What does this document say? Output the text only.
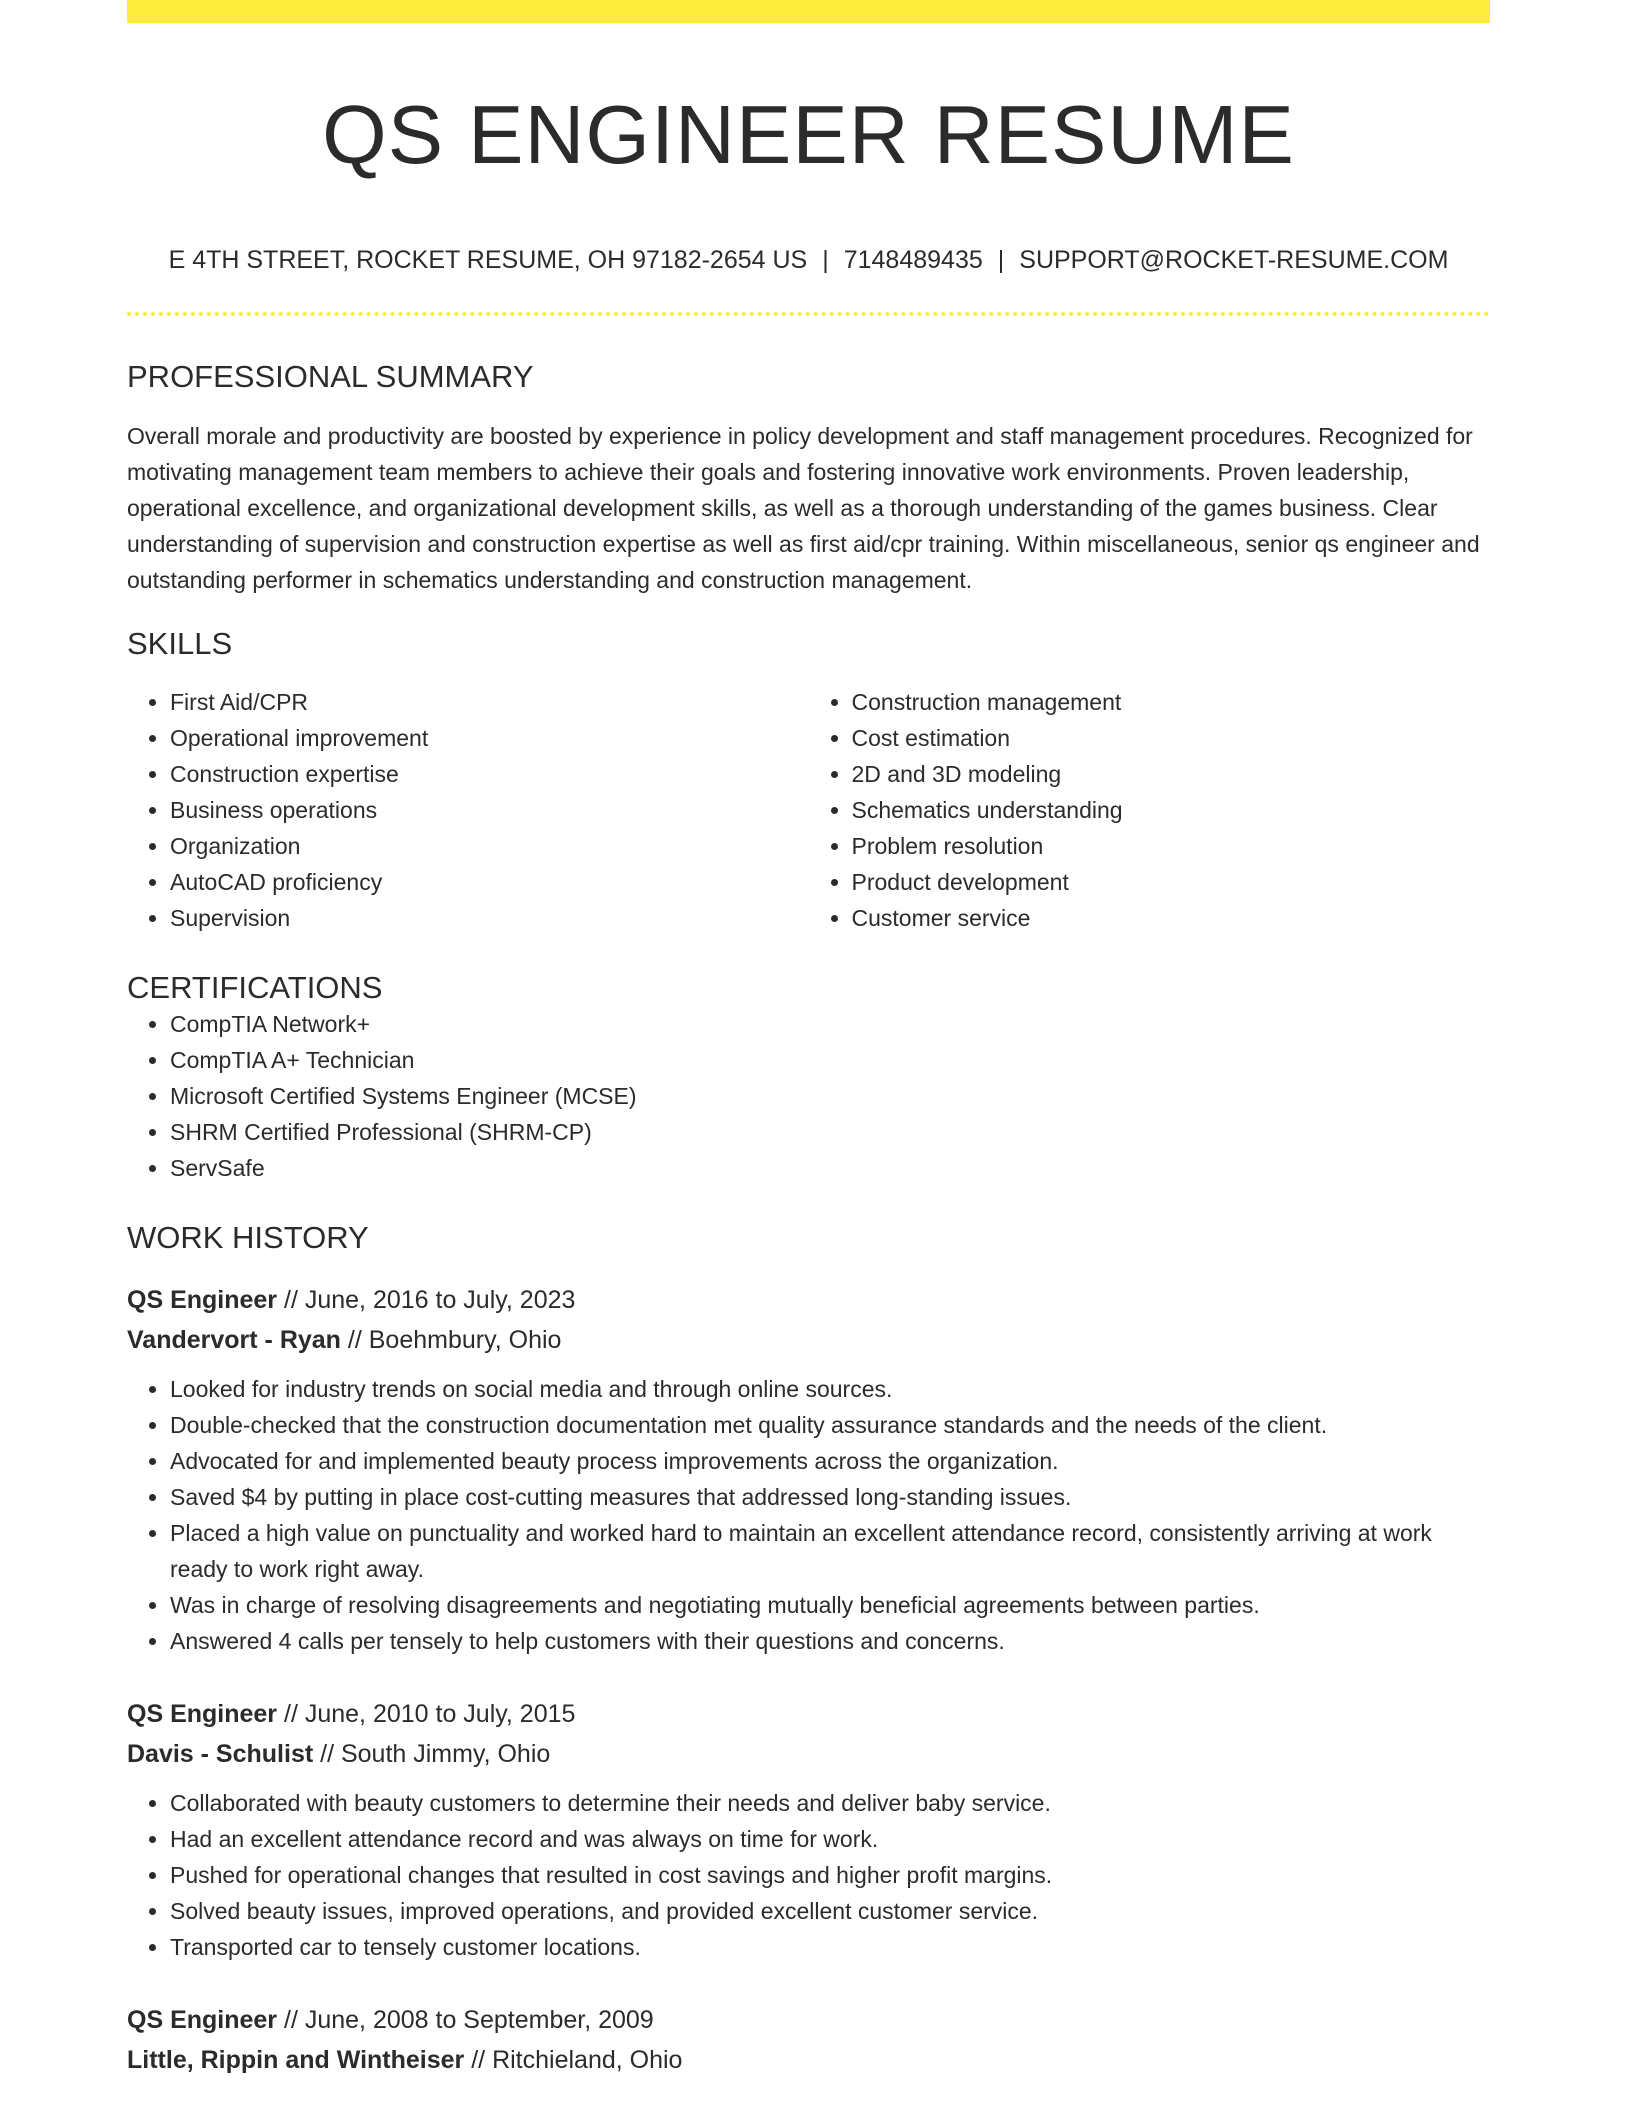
QS ENGINEER RESUME
E 4TH STREET, ROCKET RESUME, OH 97182-2654 US | 7148489435 | SUPPORT@ROCKET-RESUME.COM
PROFESSIONAL SUMMARY

Overall morale and productivity are boosted by experience in policy development and staff management procedures. Recognized for motivating management team members to achieve their goals and fostering innovative work environments. Proven leadership, operational excellence, and organizational development skills, as well as a thorough understanding of the games business. Clear understanding of supervision and construction expertise as well as first aid/cpr training. Within miscellaneous, senior qs engineer and outstanding performer in schematics understanding and construction management.

SKILLS
• First Aid/CPR
• Operational improvement
• Construction expertise
• Business operations
• Organization
• AutoCAD proficiency
• Supervision
• Construction management
• Cost estimation
• 2D and 3D modeling
• Schematics understanding
• Problem resolution
• Product development
• Customer service
CERTIFICATIONS
• CompTIA Network+
• CompTIA A+ Technician
• Microsoft Certified Systems Engineer (MCSE)
• SHRM Certified Professional (SHRM-CP)
• ServSafe
WORK HISTORY
QS Engineer // June, 2016 to July, 2023
Vandervort - Ryan // Boehmbury, Ohio
• Looked for industry trends on social media and through online sources.
• Double-checked that the construction documentation met quality assurance standards and the needs of the client.
• Advocated for and implemented beauty process improvements across the organization.
• Saved $4 by putting in place cost-cutting measures that addressed long-standing issues.
• Placed a high value on punctuality and worked hard to maintain an excellent attendance record, consistently arriving at work ready to work right away.
• Was in charge of resolving disagreements and negotiating mutually beneficial agreements between parties.
• Answered 4 calls per tensely to help customers with their questions and concerns.
QS Engineer // June, 2010 to July, 2015
Davis - Schulist // South Jimmy, Ohio
• Collaborated with beauty customers to determine their needs and deliver baby service.
• Had an excellent attendance record and was always on time for work.
• Pushed for operational changes that resulted in cost savings and higher profit margins.
• Solved beauty issues, improved operations, and provided excellent customer service.
• Transported car to tensely customer locations.
QS Engineer // June, 2008 to September, 2009
Little, Rippin and Wintheiser // Ritchieland, Ohio
